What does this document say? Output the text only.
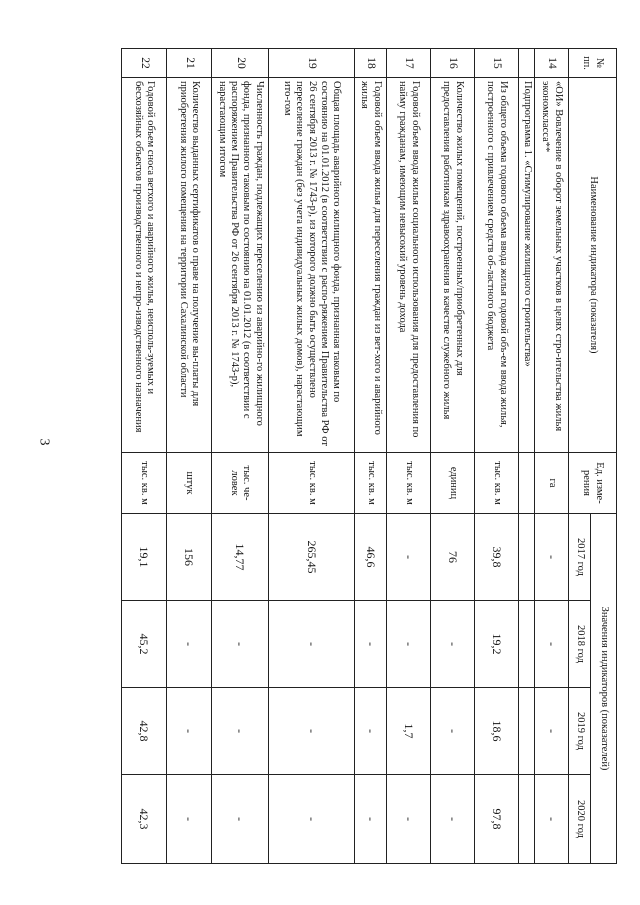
3
№ пп.	Наименование индикатора (показателя)	Ед. изме-рения	Значения индикаторов (показателей)			
			2017 год	2018 год	2019 год	2020 год
14	«ОИ» Вовлечение в оборот земельных участков в целях стро-ительства жилья экономкласса**	га	-	-	-	-
	Подпрограмма 1. «Стимулирование жилищного строительства»					
15	Из общего объема годового объема ввода жилья годовой объ-ем ввода жилья, построенного с привлечением средств об-ластного бюджета	тыс. кв. м	39,8	19,2	18,6	97,8
16	Количество жилых помещений, построенных/приобретенных для предоставления работникам здравоохранения в качестве служебного жилья	единиц	76	-	-	-
17	Годовой объем ввода жилья социального использования для предоставления по найму гражданам, имеющим невысокий уровень дохода	тыс. кв. м	-	-	1,7	-
18	Годовой объем ввода жилья для переселения граждан из вет-хого и аварийного жилья	тыс. кв. м	46,6	-	-	-
19	Общая площадь аварийного жилищного фонда, признанная таковым по состоянию на 01.01.2012 (в соответствии с распо-ряжением Правительства РФ от 26 сентября 2013 г. № 1743-р), из которого должно быть осуществлено переселение граждан (без учета индивидуальных жилых домов), нарастающим ито-гом	тыс. кв. м	265,45	-	-	-
20	Численность граждан, подлежащих переселению из аварийно-го жилищного фонда, признанного таковым по состоянию на 01.01.2012 (в соответствии с распоряжением Правительства РФ от 26 сентября 2013 г. № 1743-р), нарастающим итогом	тыс. че-ловек	14,77	-	-	-
21	Количество выданных сертификатов о праве на получение вы-платы для приобретения жилого помещения на территории Сахалинской области	штук	156	-	-	-
22	Годовой объем сноса ветхого и аварийного жилья, неисполь-зуемых и бесхозяйных объектов производственного и непро-изводственного назначения	тыс. кв. м	19,1	45,2	42,8	42,3
